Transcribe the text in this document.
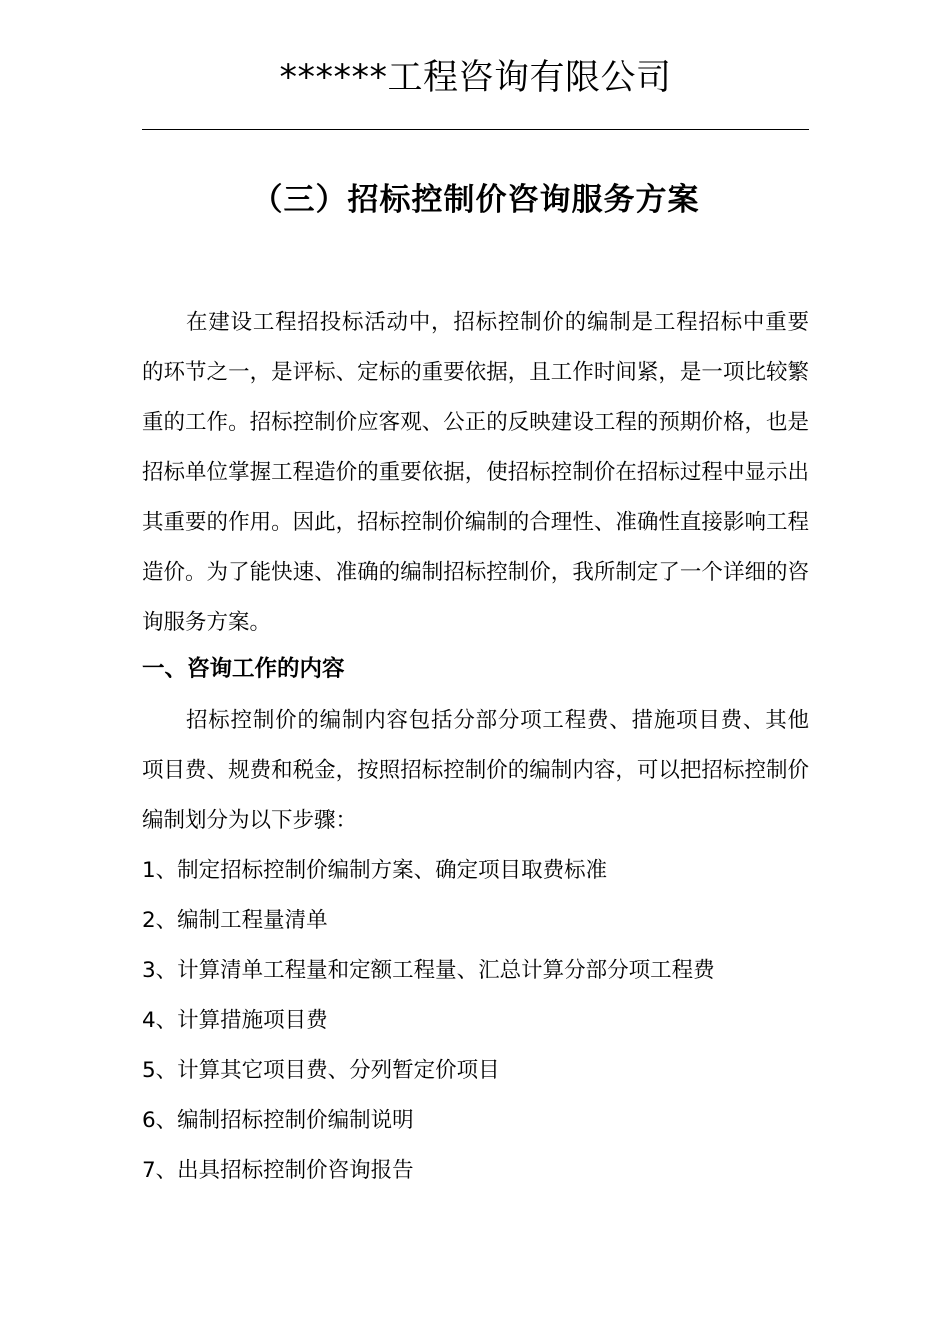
******工程咨询有限公司
（三）招标控制价咨询服务方案

在建设工程招投标活动中，招标控制价的编制是工程招标中重要的环节之一，是评标、定标的重要依据，且工作时间紧，是一项比较繁重的工作。招标控制价应客观、公正的反映建设工程的预期价格，也是招标单位掌握工程造价的重要依据，使招标控制价在招标过程中显示出其重要的作用。因此，招标控制价编制的合理性、准确性直接影响工程造价。为了能快速、准确的编制招标控制价，我所制定了一个详细的咨询服务方案。

一、咨询工作的内容

招标控制价的编制内容包括分部分项工程费、措施项目费、其他项目费、规费和税金，按照招标控制价的编制内容，可以把招标控制价编制划分为以下步骤：

1、制定招标控制价编制方案、确定项目取费标准
2、编制工程量清单
3、计算清单工程量和定额工程量、汇总计算分部分项工程费
4、计算措施项目费
5、计算其它项目费、分列暂定价项目
6、编制招标控制价编制说明
7、出具招标控制价咨询报告
